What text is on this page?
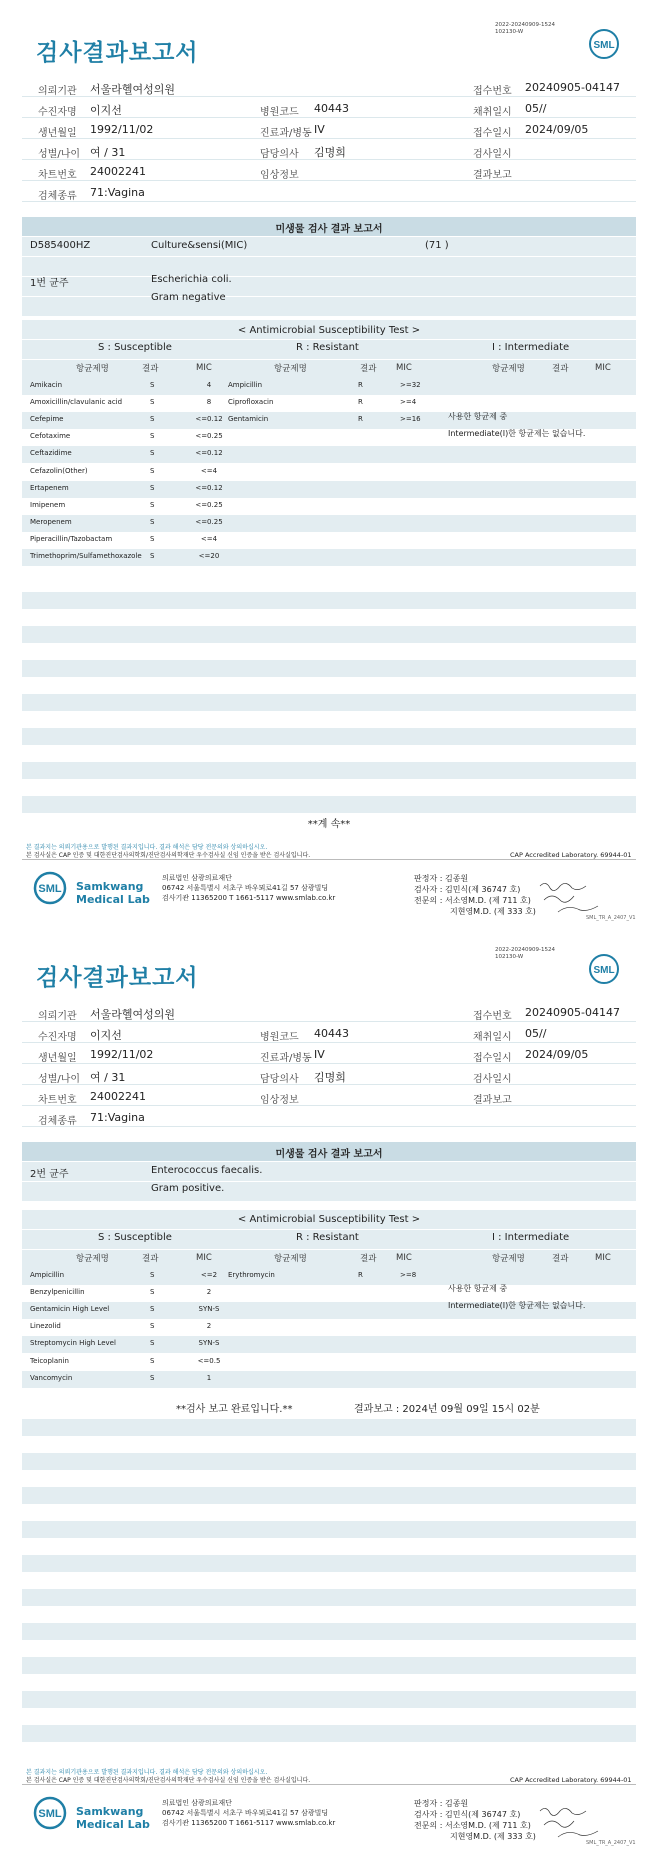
검사결과보고서
2022-20240909-1524
102130-W
SML
의뢰기관 서울라헬여성의원	접수번호 20240905-04147
수진자명 이지선	병원코드 40443	채취일시 05//
생년월일 1992/11/02	진료과/병동 IV	접수일시 2024/09/05
성별/나이 여 / 31	담당의사 김명희	검사일시
차트번호 24002241	임상정보	결과보고
검체종류 71:Vagina
미생물 검사 결과 보고서
D585400HZ	Culture&sensi(MIC)	(71 )
1번 균주	Escherichia coli.
Gram negative
< Antimicrobial Susceptibility Test >
S : Susceptible	R : Resistant	I : Intermediate
항균제명	결과	MIC	항균제명	결과 MIC	항균제명	결과	MIC
Amikacin	S	4	Ampicillin	R	>=32
Amoxicillin/clavulanic acid	S	8	Ciprofloxacin	R	>=4
Cefepime	S	<=0.12 Gentamicin	R	>=16
Cefotaxime	S	<=0.25
Ceftazidime	S	<=0.12
Cefazolin(Other)	S	<=4
Ertapenem	S	<=0.12
Imipenem	S	<=0.25
Meropenem	S	<=0.25
Piperacillin/Tazobactam	S	<=4
Trimethoprim/Sulfamethoxazole S	<=20
사용한 항균제 중
Intermediate(I)한 항균제는 없습니다.
**계 속**
본 결과지는 의뢰기관용으로 발행된 결과지입니다. 결과 해석은 담당 전문의와 상의하십시오.
본 검사실은 CAP 인증 및 대한진단검사의학회/진단검사의학재단 우수검사실 신임 인증을 받은 검사실입니다.	CAP Accredited Laboratory. 69944-01
SML Samkwang
Medical Lab
의료법인 삼광의료재단
06742 서울특별시 서초구 바우뫼로41길 57 삼광빌딩
검사기관 11365200 T 1661-5117 www.smlab.co.kr
판정자 : 김종원
검사자 : 김민식(제 36747 호)
전문의 : 서소영M.D. (제 711 호)
지현영M.D. (제 333 호)
SML_TR_A_2407_V1
검사결과보고서
2022-20240909-1524
102130-W
SML
의뢰기관 서울라헬여성의원	접수번호 20240905-04147
수진자명 이지선	병원코드 40443	채취일시 05//
생년월일 1992/11/02	진료과/병동 IV	접수일시 2024/09/05
성별/나이 여 / 31	담당의사 김명희	검사일시
차트번호 24002241	임상정보	결과보고
검체종류 71:Vagina
미생물 검사 결과 보고서
2번 균주	Enterococcus faecalis.
Gram positive.
< Antimicrobial Susceptibility Test >
S : Susceptible	R : Resistant	I : Intermediate
항균제명	결과	MIC	항균제명	결과 MIC	항균제명	결과	MIC
Ampicillin	S	<=2	Erythromycin	R	>=8
Benzylpenicillin	S	2
Gentamicin High Level	S	SYN-S
Linezolid	S	2
Streptomycin High Level	S	SYN-S
Teicoplanin	S	<=0.5
Vancomycin	S	1
사용한 항균제 중
Intermediate(I)한 항균제는 없습니다.
**검사 보고 완료입니다.**	결과보고 : 2024년 09월 09일 15시 02분
본 결과지는 의뢰기관용으로 발행된 결과지입니다. 결과 해석은 담당 전문의와 상의하십시오.
본 검사실은 CAP 인증 및 대한진단검사의학회/진단검사의학재단 우수검사실 신임 인증을 받은 검사실입니다.	CAP Accredited Laboratory. 69944-01
SML Samkwang
Medical Lab
의료법인 삼광의료재단
06742 서울특별시 서초구 바우뫼로41길 57 삼광빌딩
검사기관 11365200 T 1661-5117 www.smlab.co.kr
판정자 : 김종원
검사자 : 김민식(제 36747 호)
전문의 : 서소영M.D. (제 711 호)
지현영M.D. (제 333 호)
SML_TR_A_2407_V1
